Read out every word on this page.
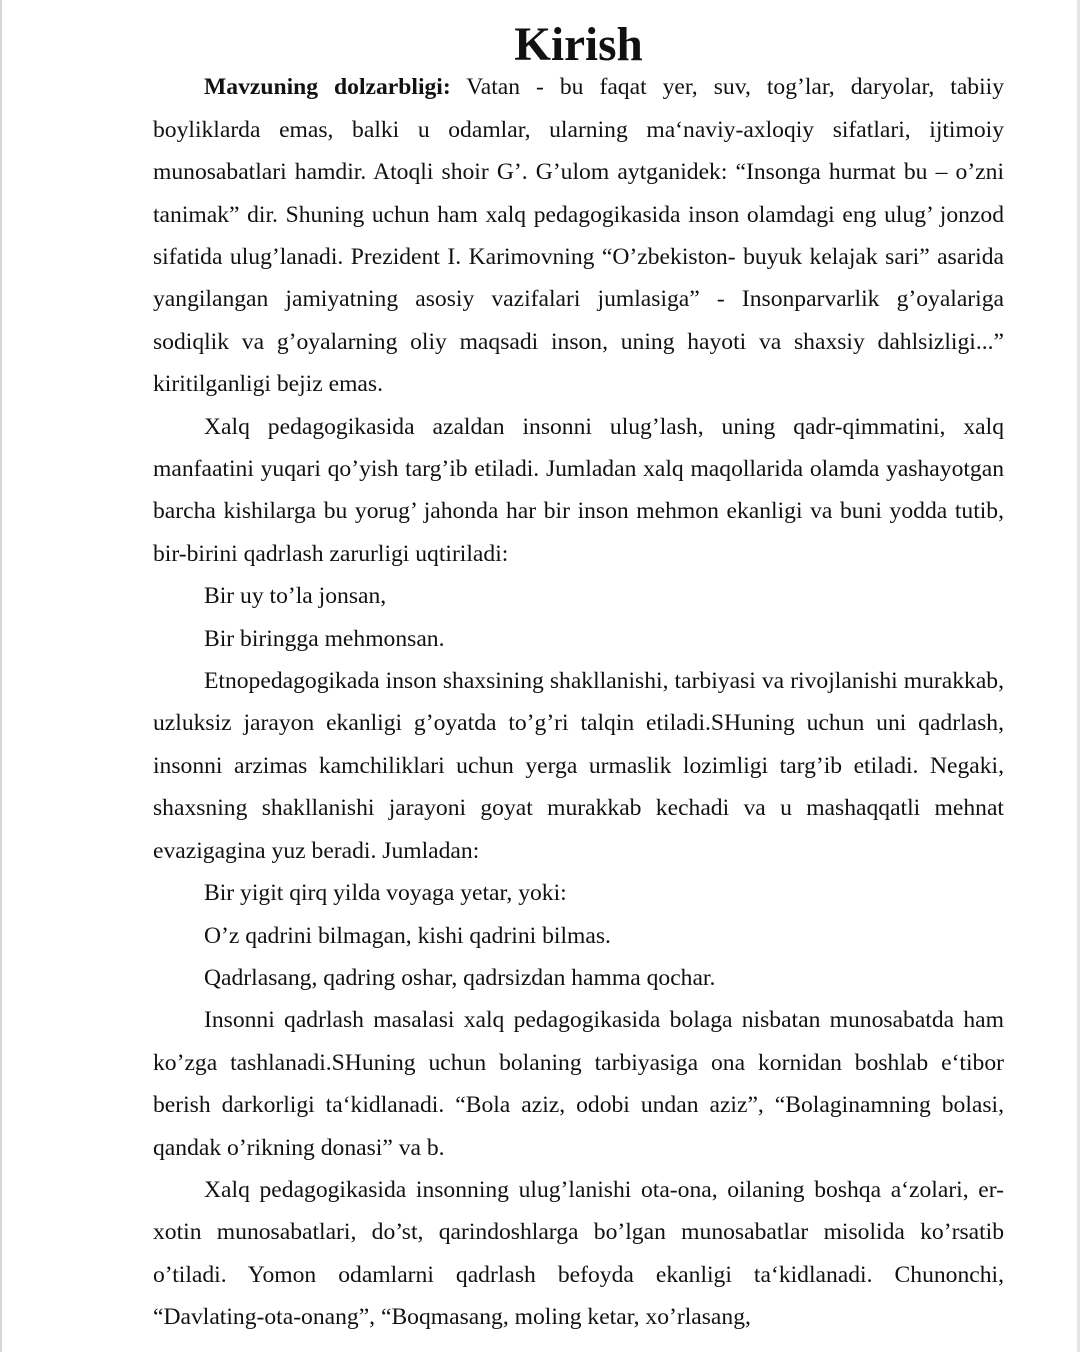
Kirish

Mavzuning dolzarbligi: Vatan - bu faqat yer, suv, tog’lar, daryolar, tabiiy boyliklarda emas, balki u odamlar, ularning ma‘naviy-axloqiy sifatlari, ijtimoiy munosabatlari hamdir. Atoqli shoir G’. G’ulom aytganidek: “Insonga hurmat bu – o’zni tanimak” dir. Shuning uchun ham xalq pedagogikasida inson olamdagi eng ulug’ jonzod sifatida ulug’lanadi. Prezident I. Karimovning “O’zbekiston- buyuk kelajak sari” asarida yangilangan jamiyatning asosiy vazifalari jumlasiga” - Insonparvarlik g’oyalariga sodiqlik va g’oyalarning oliy maqsadi inson, uning hayoti va shaxsiy dahlsizligi...” kiritilganligi bejiz emas.

Xalq pedagogikasida azaldan insonni ulug’lash, uning qadr-qimmatini, xalq manfaatini yuqari qo’yish targ’ib etiladi. Jumladan xalq maqollarida olamda yashayotgan barcha kishilarga bu yorug’ jahonda har bir inson mehmon ekanligi va buni yodda tutib, bir-birini qadrlash zarurligi uqtiriladi:

Bir uy to’la jonsan,

Bir biringga mehmonsan.

Etnopedagogikada inson shaxsining shakllanishi, tarbiyasi va rivojlanishi murakkab, uzluksiz jarayon ekanligi g’oyatda to’g’ri talqin etiladi.SHuning uchun uni qadrlash, insonni arzimas kamchiliklari uchun yerga urmaslik lozimligi targ’ib etiladi. Negaki, shaxsning shakllanishi jarayoni goyat murakkab kechadi va u mashaqqatli mehnat evazigagina yuz beradi. Jumladan:

Bir yigit qirq yilda voyaga yetar, yoki:

O’z qadrini bilmagan, kishi qadrini bilmas.

Qadrlasang, qadring oshar, qadrsizdan hamma qochar.

Insonni qadrlash masalasi xalq pedagogikasida bolaga nisbatan munosabatda ham ko’zga tashlanadi.SHuning uchun bolaning tarbiyasiga ona kornidan boshlab e‘tibor berish darkorligi ta‘kidlanadi. “Bola aziz, odobi undan aziz”, “Bolaginamning bolasi, qandak o’rikning donasi” va b.

Xalq pedagogikasida insonning ulug’lanishi ota-ona, oilaning boshqa a‘zolari, er-xotin munosabatlari, do’st, qarindoshlarga bo’lgan munosabatlar misolida ko’rsatib o’tiladi. Yomon odamlarni qadrlash befoyda ekanligi ta‘kidlanadi. Chunonchi, “Davlating-ota-onang”, “Boqmasang, moling ketar, xo’rlasang,
